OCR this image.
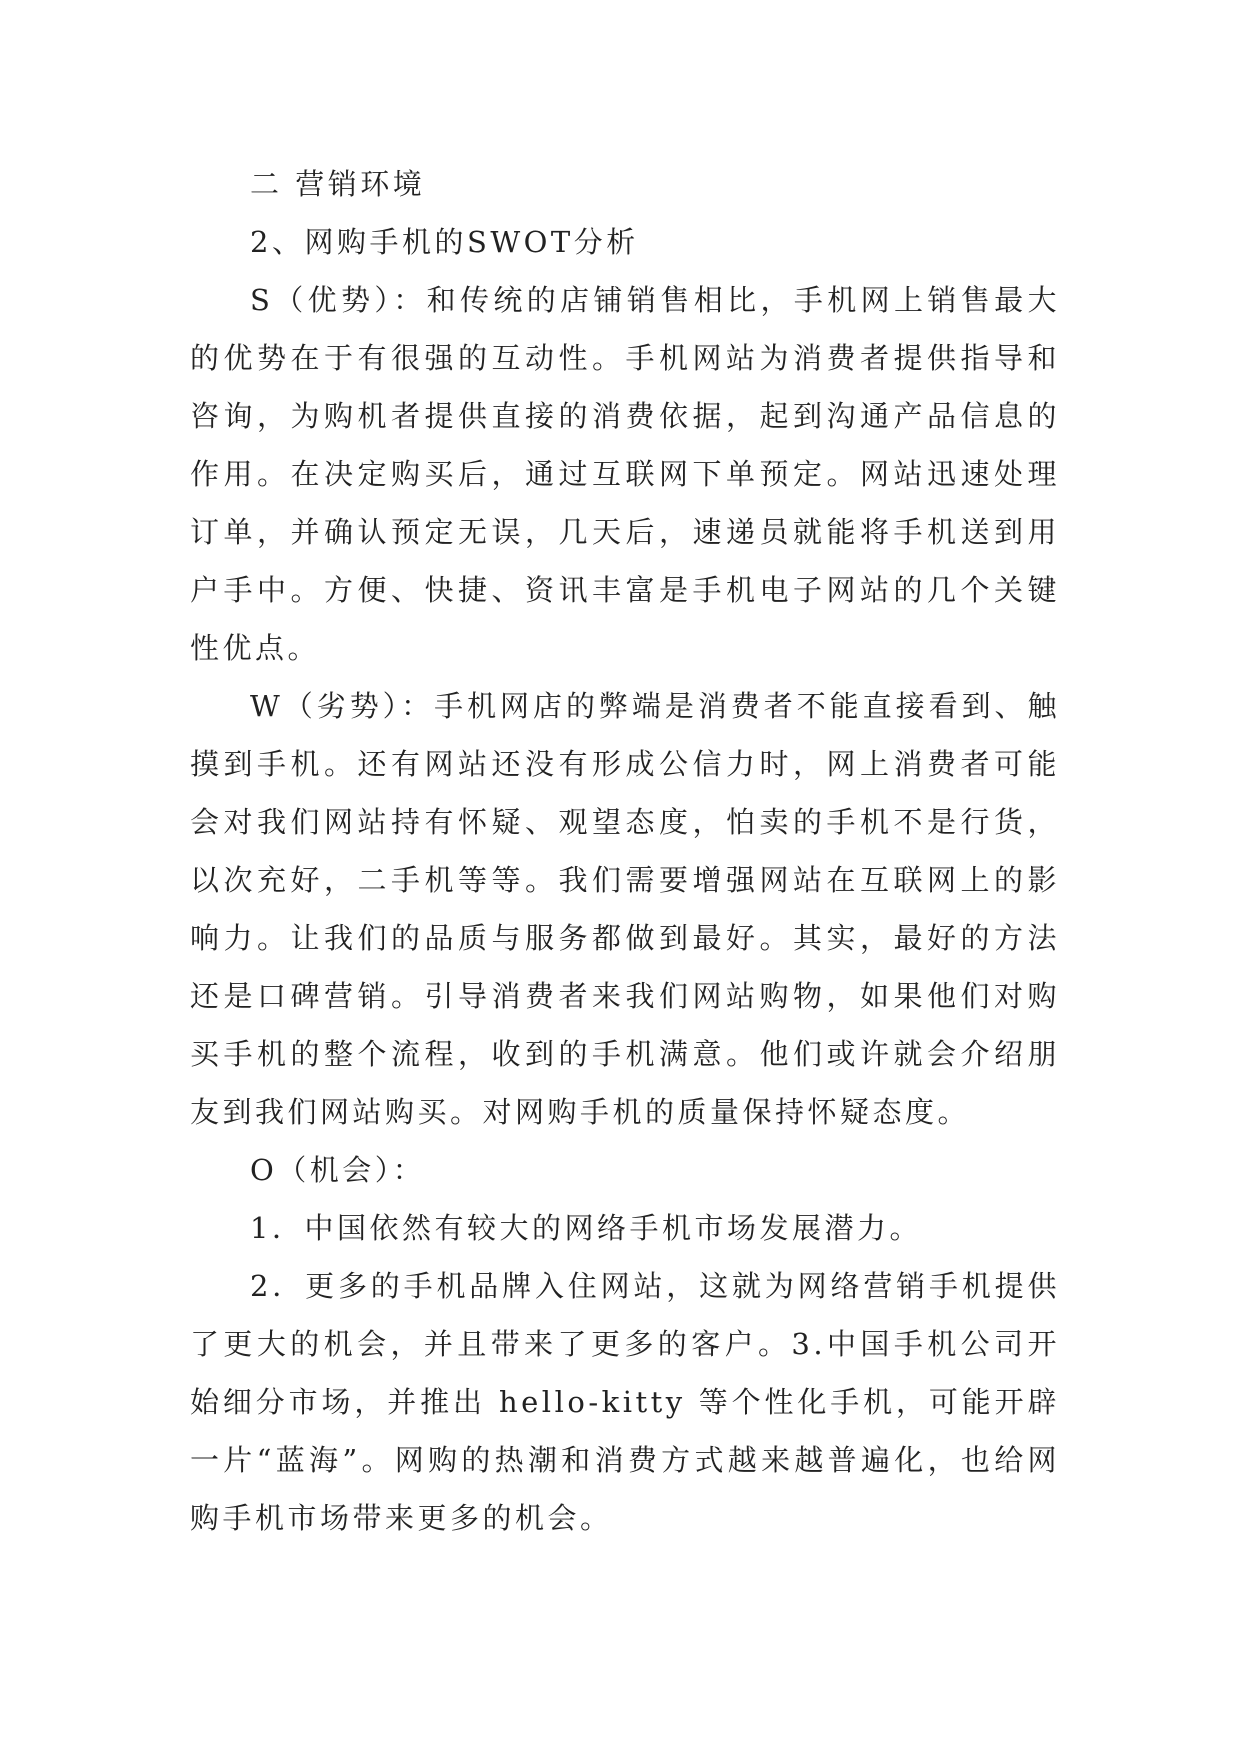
二 营销环境

2、网购手机的SWOT分析

S（优势）：和传统的店铺销售相比，手机网上销售最大的优势在于有很强的互动性。手机网站为消费者提供指导和咨询，为购机者提供直接的消费依据，起到沟通产品信息的作用。在决定购买后，通过互联网下单预定。网站迅速处理订单，并确认预定无误，几天后，速递员就能将手机送到用户手中。方便、快捷、资讯丰富是手机电子网站的几个关键性优点。

W（劣势）：手机网店的弊端是消费者不能直接看到、触摸到手机。还有网站还没有形成公信力时，网上消费者可能会对我们网站持有怀疑、观望态度，怕卖的手机不是行货，以次充好，二手机等等。我们需要增强网站在互联网上的影响力。让我们的品质与服务都做到最好。其实，最好的方法还是口碑营销。引导消费者来我们网站购物，如果他们对购买手机的整个流程，收到的手机满意。他们或许就会介绍朋友到我们网站购买。对网购手机的质量保持怀疑态度。

O（机会）：

1．中国依然有较大的网络手机市场发展潜力。

2．更多的手机品牌入住网站，这就为网络营销手机提供了更大的机会，并且带来了更多的客户。3.中国手机公司开始细分市场，并推出 hello-kitty 等个性化手机，可能开辟一片“蓝海”。网购的热潮和消费方式越来越普遍化，也给网购手机市场带来更多的机会。
